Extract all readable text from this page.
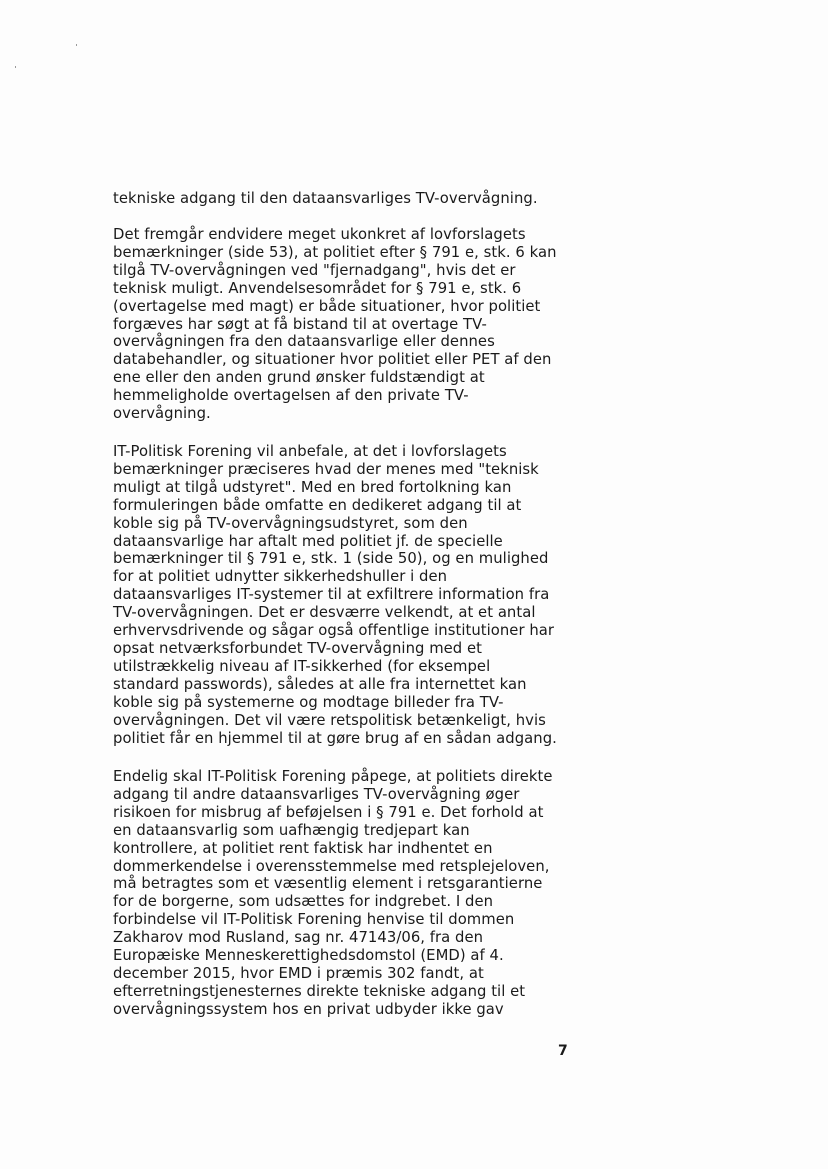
tekniske adgang til den dataansvarliges TV-overvågning.
Det fremgår endvidere meget ukonkret af lovforslagets
bemærkninger (side 53), at politiet efter § 791 e, stk. 6 kan
tilgå TV-overvågningen ved "fjernadgang", hvis det er
teknisk muligt. Anvendelsesområdet for § 791 e, stk. 6
(overtagelse med magt) er både situationer, hvor politiet
forgæves har søgt at få bistand til at overtage TV-
overvågningen fra den dataansvarlige eller dennes
databehandler, og situationer hvor politiet eller PET af den
ene eller den anden grund ønsker fuldstændigt at
hemmeligholde overtagelsen af den private TV-
overvågning.
IT-Politisk Forening vil anbefale, at det i lovforslagets
bemærkninger præciseres hvad der menes med "teknisk
muligt at tilgå udstyret". Med en bred fortolkning kan
formuleringen både omfatte en dedikeret adgang til at
koble sig på TV-overvågningsudstyret, som den
dataansvarlige har aftalt med politiet jf. de specielle
bemærkninger til § 791 e, stk. 1 (side 50), og en mulighed
for at politiet udnytter sikkerhedshuller i den
dataansvarliges IT-systemer til at exfiltrere information fra
TV-overvågningen. Det er desværre velkendt, at et antal
erhvervsdrivende og sågar også offentlige institutioner har
opsat netværksforbundet TV-overvågning med et
utilstrækkelig niveau af IT-sikkerhed (for eksempel
standard passwords), således at alle fra internettet kan
koble sig på systemerne og modtage billeder fra TV-
overvågningen. Det vil være retspolitisk betænkeligt, hvis
politiet får en hjemmel til at gøre brug af en sådan adgang.
Endelig skal IT-Politisk Forening påpege, at politiets direkte
adgang til andre dataansvarliges TV-overvågning øger
risikoen for misbrug af beføjelsen i § 791 e. Det forhold at
en dataansvarlig som uafhængig tredjepart kan
kontrollere, at politiet rent faktisk har indhentet en
dommerkendelse i overensstemmelse med retsplejeloven,
må betragtes som et væsentlig element i retsgarantierne
for de borgerne, som udsættes for indgrebet. I den
forbindelse vil IT-Politisk Forening henvise til dommen
Zakharov mod Rusland, sag nr. 47143/06, fra den
Europæiske Menneskerettighedsdomstol (EMD) af 4.
december 2015, hvor EMD i præmis 302 fandt, at
efterretningstjenesternes direkte tekniske adgang til et
overvågningssystem hos en privat udbyder ikke gav
7
